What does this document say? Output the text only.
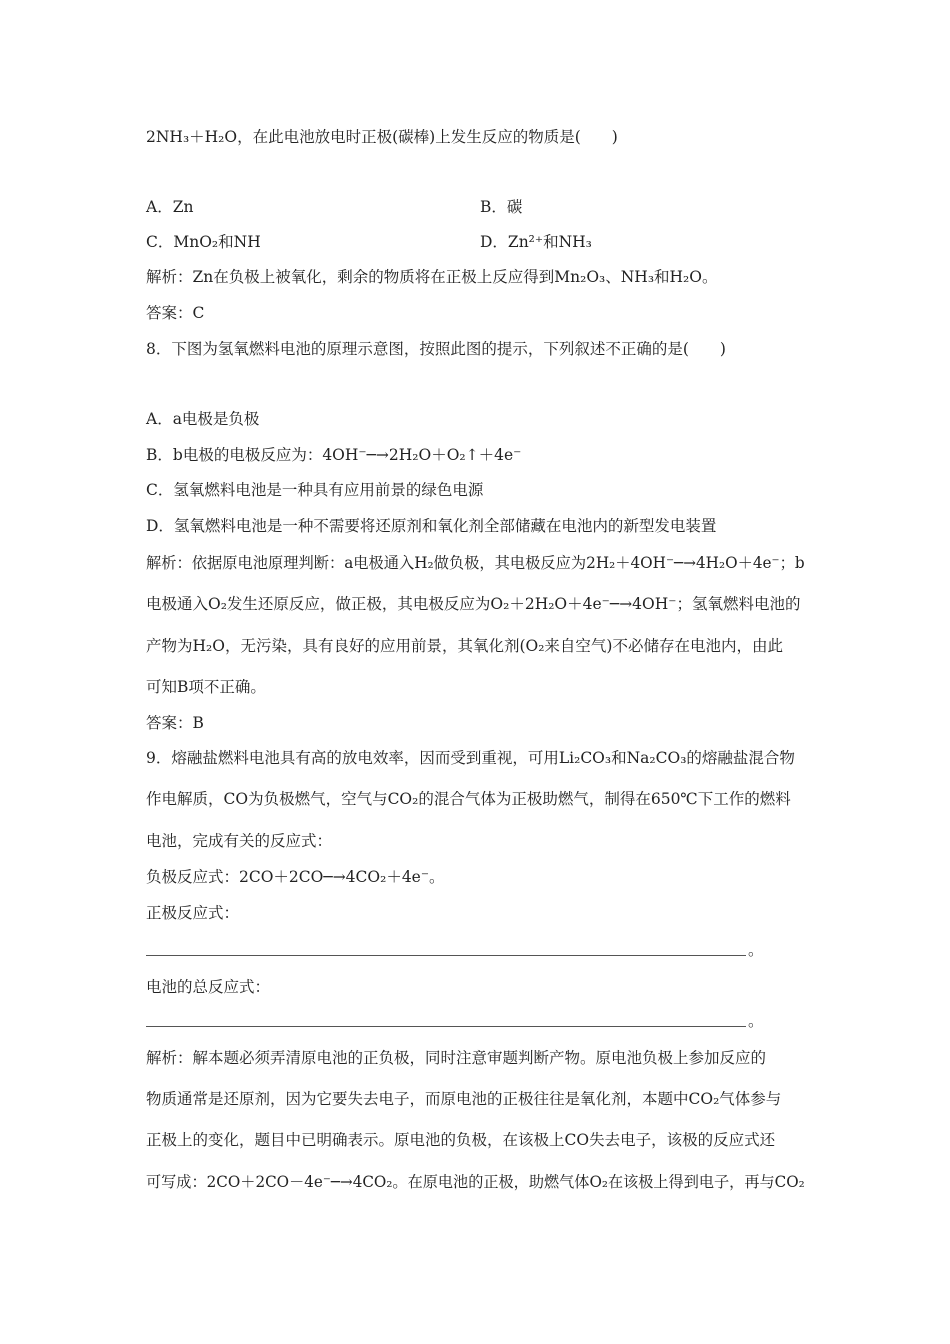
2NH₃＋H₂O，在此电池放电时正极(碳棒)上发生反应的物质是(　　)
A．Zn	B．碳
C．MnO₂和NH	D．Zn²⁺和NH₃
解析：Zn在负极上被氧化，剩余的物质将在正极上反应得到Mn₂O₃、NH₃和H₂O。
答案：C
8．下图为氢氧燃料电池的原理示意图，按照此图的提示，下列叙述不正确的是(　　)
A．a电极是负极
B．b电极的电极反应为：4OH⁻─→2H₂O＋O₂↑＋4e⁻
C．氢氧燃料电池是一种具有应用前景的绿色电源
D．氢氧燃料电池是一种不需要将还原剂和氧化剂全部储藏在电池内的新型发电装置
解析：依据原电池原理判断：a电极通入H₂做负极，其电极反应为2H₂＋4OH⁻─→4H₂O＋4e⁻；b
电极通入O₂发生还原反应，做正极，其电极反应为O₂＋2H₂O＋4e⁻─→4OH⁻；氢氧燃料电池的
产物为H₂O，无污染，具有良好的应用前景，其氧化剂(O₂来自空气)不必储存在电池内，由此
可知B项不正确。
答案：B
9．熔融盐燃料电池具有高的放电效率，因而受到重视，可用Li₂CO₃和Na₂CO₃的熔融盐混合物
作电解质，CO为负极燃气，空气与CO₂的混合气体为正极助燃气，制得在650℃下工作的燃料
电池，完成有关的反应式：
负极反应式：2CO＋2CO─→4CO₂＋4e⁻。
正极反应式：
。
电池的总反应式：
。
解析：解本题必须弄清原电池的正负极，同时注意审题判断产物。原电池负极上参加反应的
物质通常是还原剂，因为它要失去电子，而原电池的正极往往是氧化剂，本题中CO₂气体参与
正极上的变化，题目中已明确表示。原电池的负极，在该极上CO失去电子，该极的反应式还
可写成：2CO＋2CO－4e⁻─→4CO₂。在原电池的正极，助燃气体O₂在该极上得到电子，再与CO₂
